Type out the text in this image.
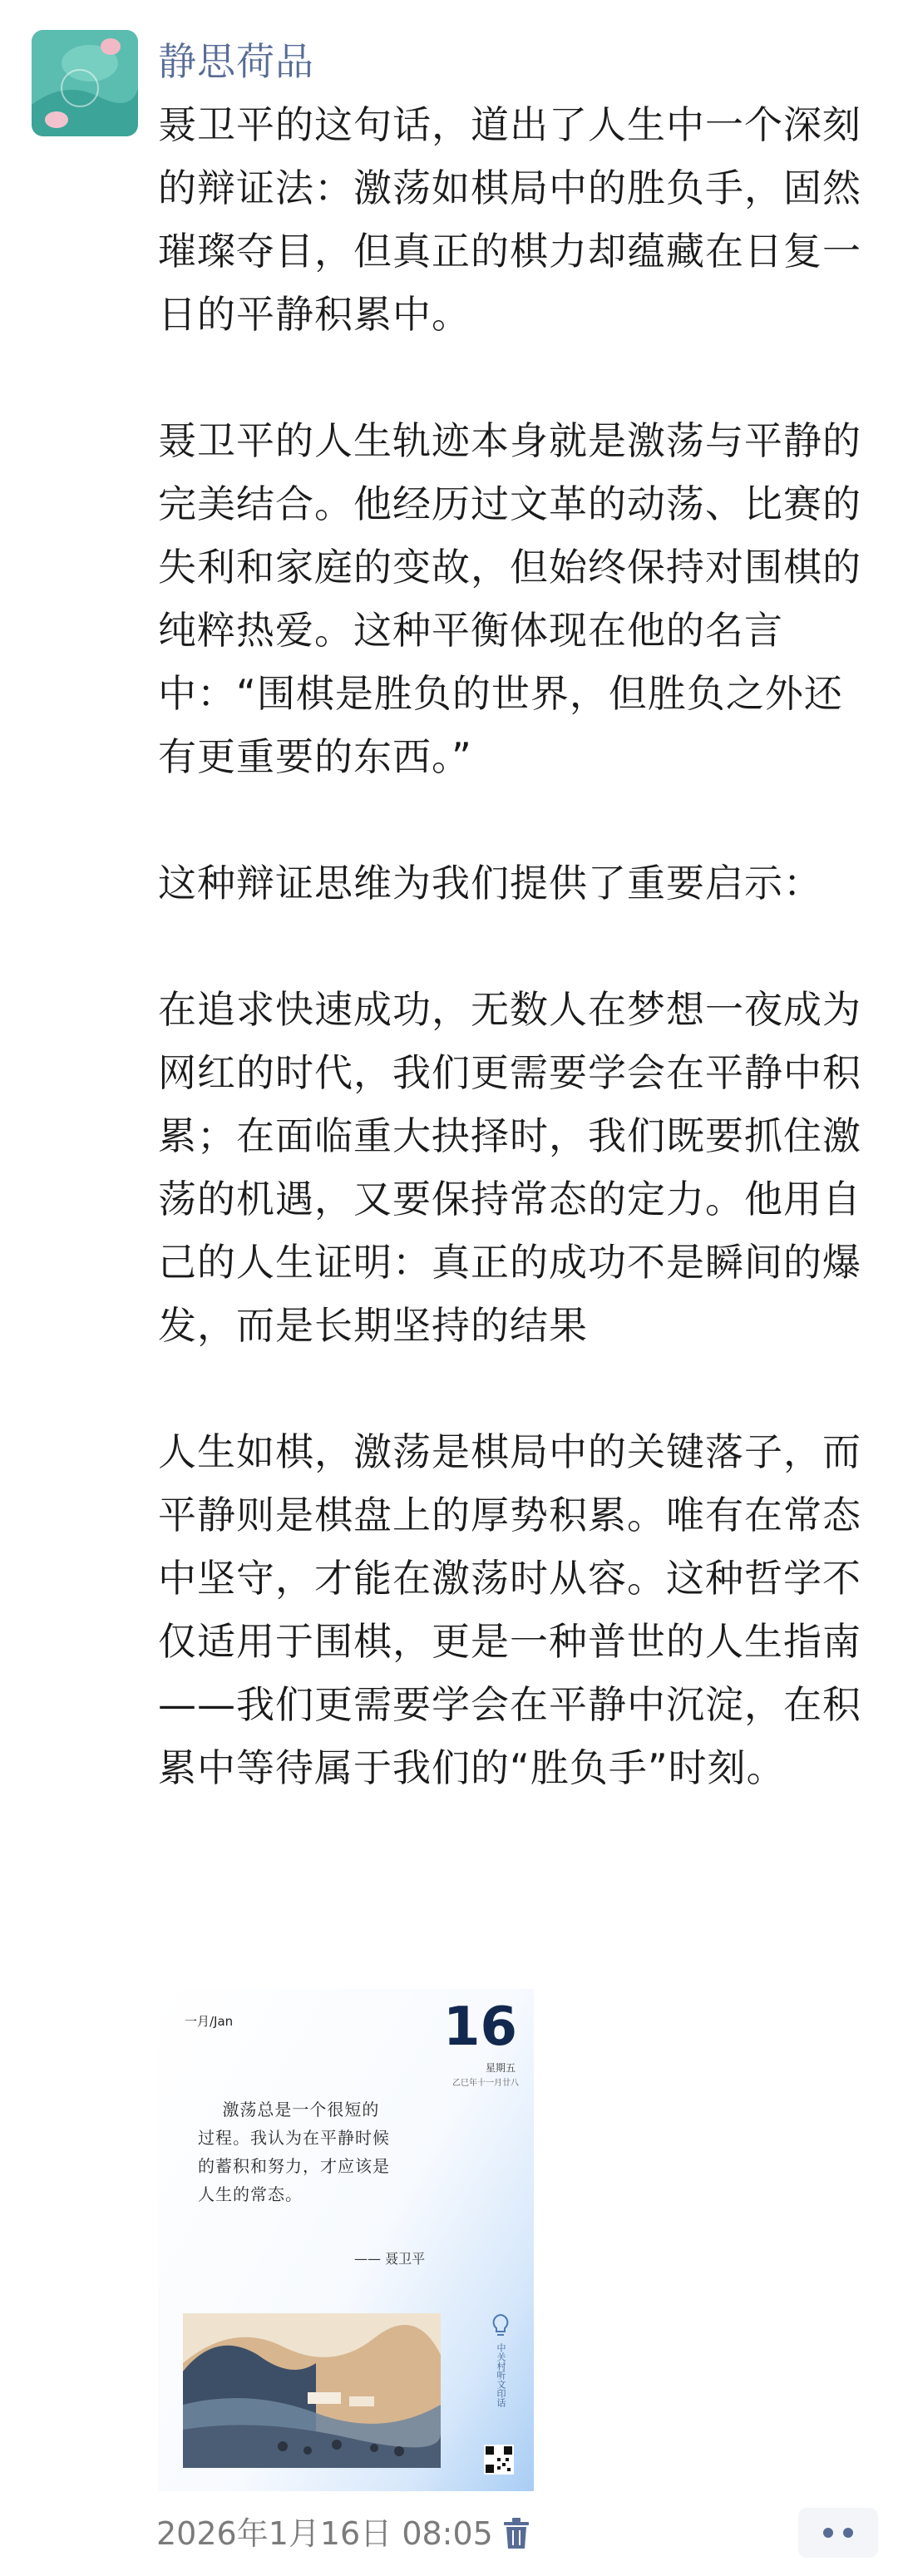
静思荷品
聂卫平的这句话，道出了人生中一个深刻的辩证法：激荡如棋局中的胜负手，固然璀璨夺目，但真正的棋力却蕴藏在日复一日的平静积累中。
聂卫平的人生轨迹本身就是激荡与平静的完美结合。他经历过文革的动荡、比赛的失利和家庭的变故，但始终保持对围棋的纯粹热爱。这种平衡体现在他的名言中：“围棋是胜负的世界，但胜负之外还有更重要的东西。”
这种辩证思维为我们提供了重要启示：
在追求快速成功，无数人在梦想一夜成为网红的时代，我们更需要学会在平静中积累；在面临重大抉择时，我们既要抓住激荡的机遇，又要保持常态的定力。他用自己的人生证明：真正的成功不是瞬间的爆发，而是长期坚持的结果
人生如棋，激荡是棋局中的关键落子，而平静则是棋盘上的厚势积累。唯有在常态中坚守，才能在激荡时从容。这种哲学不仅适用于围棋，更是一种普世的人生指南——我们更需要学会在平静中沉淀，在积累中等待属于我们的“胜负手”时刻。
一月/Jan	16
星期五
乙巳年十一月廿八
激荡总是一个很短的
过程。我认为在平静时候
的蓄积和努力，才应该是
人生的常态。
—— 聂卫平
中关村听文印话
2026年1月16日 08:05
